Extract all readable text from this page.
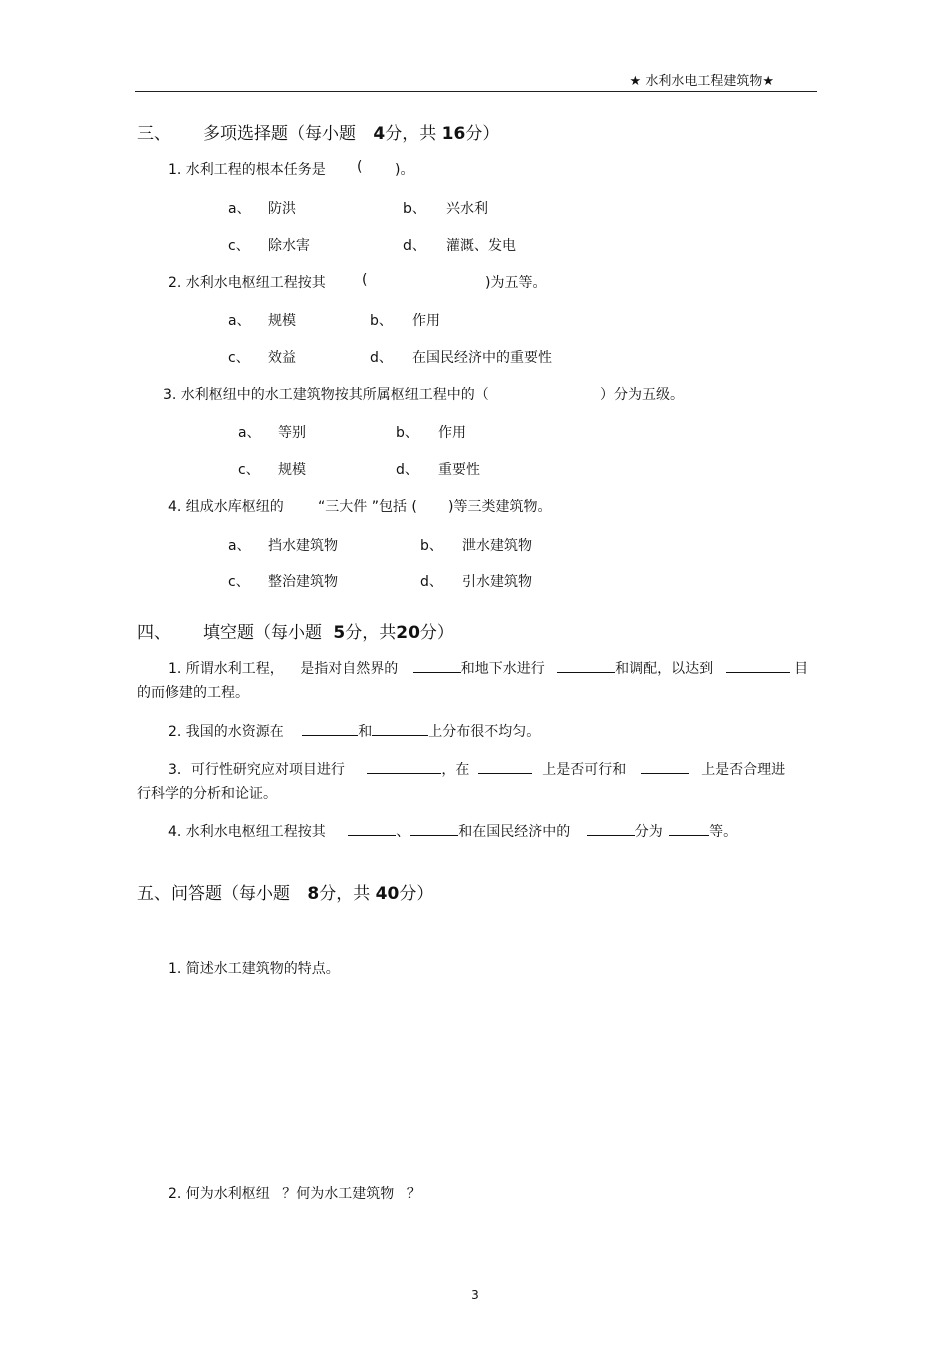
★ 水利水电工程建筑物★
三、 多项选择题（每小题 4分，共 16分）
1. 水利工程的根本任务是 ( )。
a、 防洪	b、 兴水利
c、 除水害	d、 灌溉、发电
2. 水利水电枢纽工程按其	(	)为五等。
a、 规模	b、 作用
c、 效益	d、 在国民经济中的重要性
3. 水利枢纽中的水工建筑物按其所属枢纽工程中的（	）分为五级。
a、 等别	b、 作用
c、 规模	d、 重要性
4. 组成水库枢纽的 “三大件 ”包括 ( )等三类建筑物。
a、 挡水建筑物	b、 泄水建筑物
c、 整治建筑物	d、 引水建筑物
四、 填空题（每小题 5分，共20分）
1. 所谓水利工程， 是指对自然界的	和地下水进行	和调配，以达到	目
的而修建的工程。
2. 我国的水资源在	和	上分布很不均匀。
3．可行性研究应对项目进行	，在	上是否可行和	上是否合理进
行科学的分析和论证。
4. 水利水电枢纽工程按其	、	和在国民经济中的	分为	等。
五、问答题（每小题 8分，共 40分）
1. 简述水工建筑物的特点。
2. 何为水利枢纽 ？何为水工建筑物 ？
3
